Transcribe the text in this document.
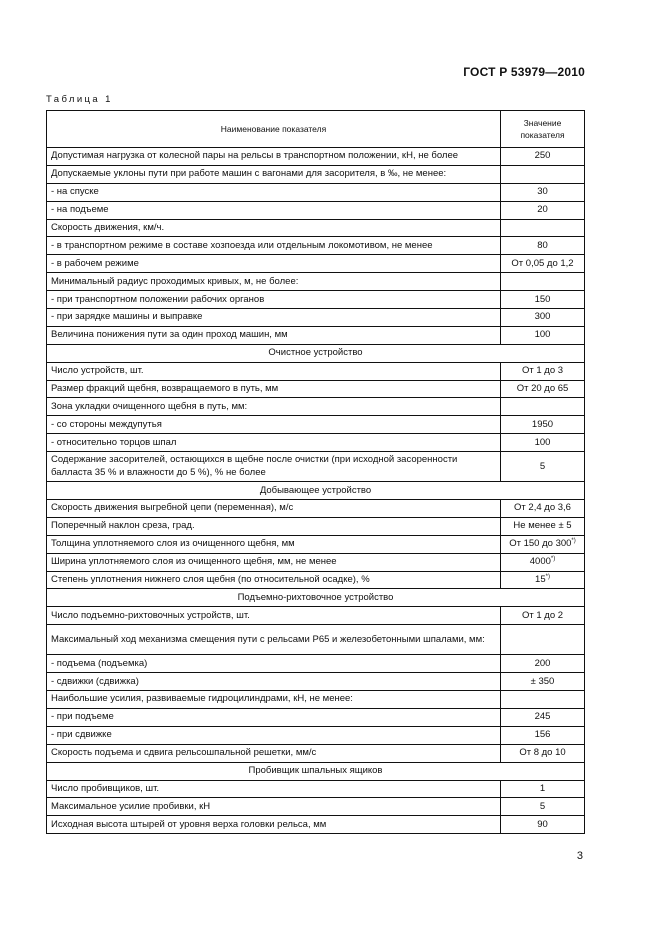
ГОСТ Р 53979—2010
Таблица 1
Наименование показателя	Значение
показателя
Допустимая нагрузка от колесной пары на рельсы в транспортном положении, кН, не более	250
Допускаемые уклоны пути при работе машин с вагонами для засорителя, в ‰, не менее:	
- на спуске	30
- на подъеме	20
Скорость движения, км/ч.	
- в транспортном режиме в составе хозпоезда или отдельным локомотивом, не менее	80
- в рабочем режиме	От 0,05 до 1,2
Минимальный радиус проходимых кривых, м, не более:	
- при транспортном положении рабочих органов	150
- при зарядке машины и выправке	300
Величина понижения пути за один проход машин, мм	100
Очистное устройство	
Число устройств, шт.	От 1 до 3
Размер фракций щебня, возвращаемого в путь, мм	От 20 до 65
Зона укладки очищенного щебня в путь, мм:	
- со стороны междупутья	1950
- относительно торцов шпал	100
Содержание засорителей, остающихся в щебне после очистки (при исходной засоренности балласта 35 % и влажности до 5 %), % не более	5
Добывающее устройство	
Скорость движения выгребной цепи (переменная), м/с	От 2,4 до 3,6
Поперечный наклон среза, град.	Не менее ± 5
Толщина уплотняемого слоя из очищенного щебня, мм	От 150 до 300*)
Ширина уплотняемого слоя из очищенного щебня, мм, не менее	4000*)
Степень уплотнения нижнего слоя щебня (по относительной осадке), %	15*)
Подъемно-рихтовочное устройство	
Число подъемно-рихтовочных устройств, шт.	От 1 до 2
Максимальный ход механизма смещения пути с рельсами Р65 и железобетонными шпалами, мм:	
- подъема (подъемка)	200
- сдвижки (сдвижка)	± 350
Наибольшие усилия, развиваемые гидроцилиндрами, кН, не менее:	
- при подъеме	245
- при сдвижке	156
Скорость подъема и сдвига рельсошпальной решетки, мм/с	От 8 до 10
Пробивщик шпальных ящиков	
Число пробивщиков, шт.	1
Максимальное усилие пробивки, кН	5
Исходная высота штырей от уровня верха головки рельса, мм	90
3
